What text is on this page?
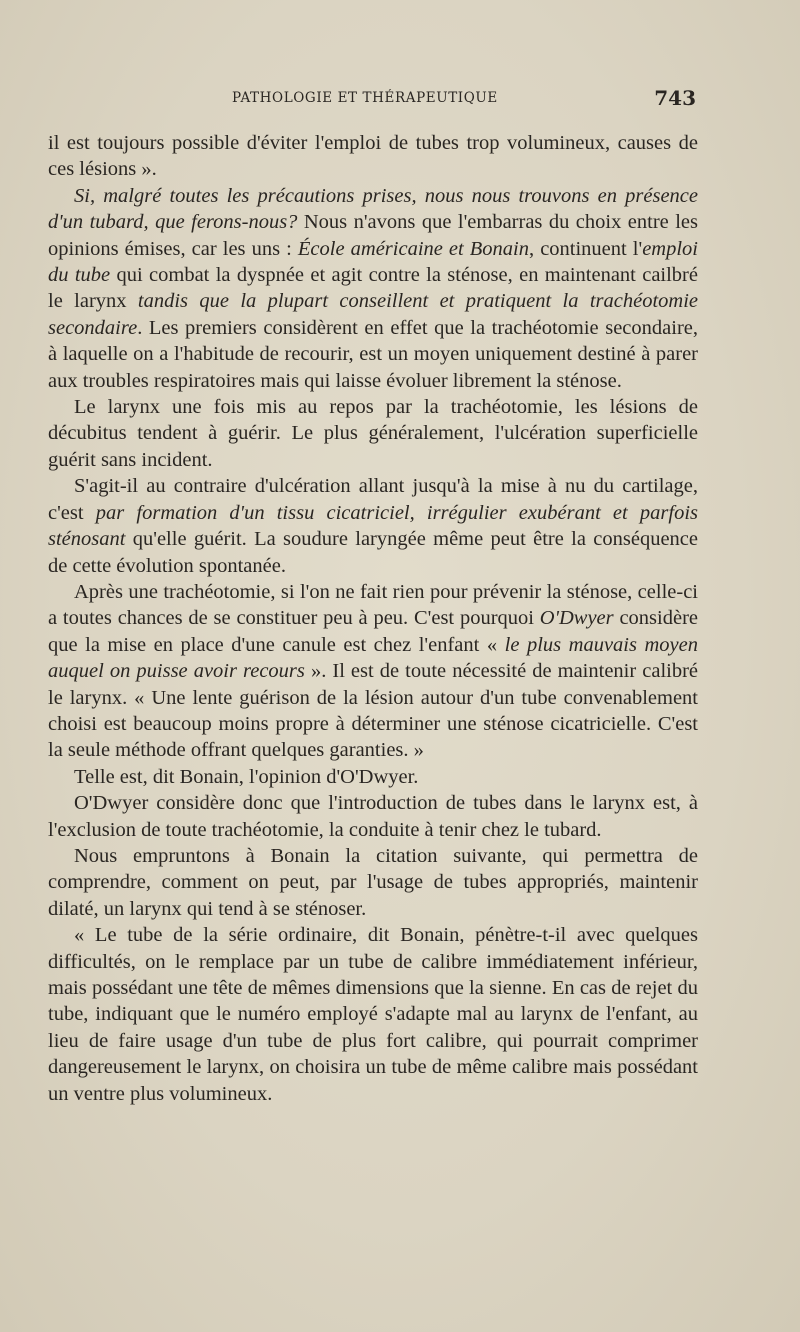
PATHOLOGIE ET THÉRAPEUTIQUE	743

il est toujours possible d'éviter l'emploi de tubes trop volumineux, causes de ces lésions ».

Si, malgré toutes les précautions prises, nous nous trouvons en présence d'un tubard, que ferons-nous? Nous n'avons que l'embarras du choix entre les opinions émises, car les uns : École américaine et Bonain, continuent l'emploi du tube qui combat la dyspnée et agit contre la sténose, en maintenant cailbré le larynx tandis que la plupart conseillent et pratiquent la trachéotomie secondaire. Les premiers considèrent en effet que la trachéotomie secondaire, à laquelle on a l'habitude de recourir, est un moyen uniquement destiné à parer aux troubles respiratoires mais qui laisse évoluer librement la sténose.

Le larynx une fois mis au repos par la trachéotomie, les lésions de décubitus tendent à guérir. Le plus généralement, l'ulcération superficielle guérit sans incident.

S'agit-il au contraire d'ulcération allant jusqu'à la mise à nu du cartilage, c'est par formation d'un tissu cicatriciel, irrégulier exubérant et parfois sténosant qu'elle guérit. La soudure laryngée même peut être la conséquence de cette évolution spontanée.

Après une trachéotomie, si l'on ne fait rien pour prévenir la sténose, celle-ci a toutes chances de se constituer peu à peu. C'est pourquoi O'Dwyer considère que la mise en place d'une canule est chez l'enfant « le plus mauvais moyen auquel on puisse avoir recours ». Il est de toute nécessité de maintenir calibré le larynx. « Une lente guérison de la lésion autour d'un tube convenablement choisi est beaucoup moins propre à déterminer une sténose cicatricielle. C'est la seule méthode offrant quelques garanties. »

Telle est, dit Bonain, l'opinion d'O'Dwyer.

O'Dwyer considère donc que l'introduction de tubes dans le larynx est, à l'exclusion de toute trachéotomie, la conduite à tenir chez le tubard.

Nous empruntons à Bonain la citation suivante, qui permettra de comprendre, comment on peut, par l'usage de tubes appropriés, maintenir dilaté, un larynx qui tend à se sténoser.

« Le tube de la série ordinaire, dit Bonain, pénètre-t-il avec quelques difficultés, on le remplace par un tube de calibre immédiatement inférieur, mais possédant une tête de mêmes dimensions que la sienne. En cas de rejet du tube, indiquant que le numéro employé s'adapte mal au larynx de l'enfant, au lieu de faire usage d'un tube de plus fort calibre, qui pourrait comprimer dangereusement le larynx, on choisira un tube de même calibre mais possédant un ventre plus volumineux.
